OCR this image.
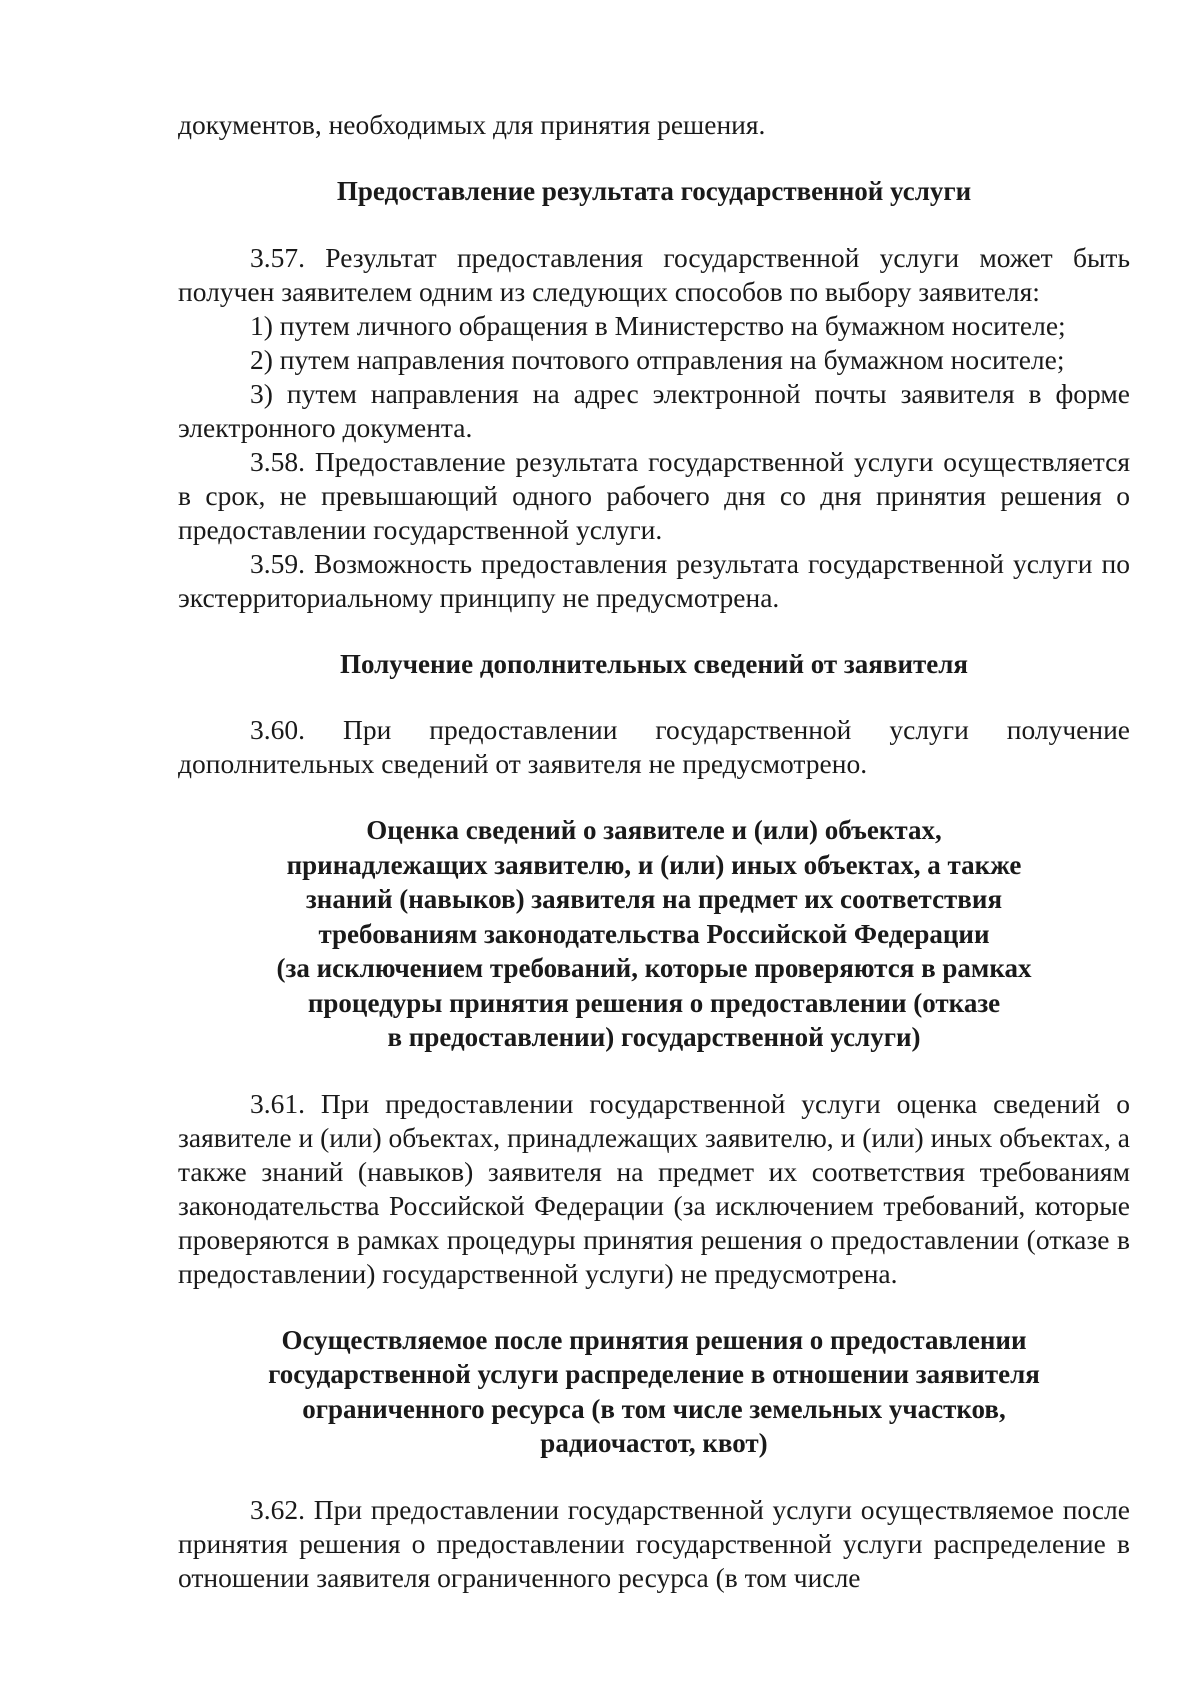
документов, необходимых для принятия решения.

Предоставление результата государственной услуги

3.57. Результат предоставления государственной услуги может быть получен заявителем одним из следующих способов по выбору заявителя:

1) путем личного обращения в Министерство на бумажном носителе;

2) путем направления почтового отправления на бумажном носителе;

3) путем направления на адрес электронной почты заявителя в форме электронного документа.

3.58. Предоставление результата государственной услуги осуществляется в срок, не превышающий одного рабочего дня со дня принятия решения о предоставлении государственной услуги.

3.59. Возможность предоставления результата государственной услуги по экстерриториальному принципу не предусмотрена.

Получение дополнительных сведений от заявителя

3.60. При предоставлении государственной услуги получение дополнительных сведений от заявителя не предусмотрено.

Оценка сведений о заявителе и (или) объектах,
принадлежащих заявителю, и (или) иных объектах, а также
знаний (навыков) заявителя на предмет их соответствия
требованиям законодательства Российской Федерации
(за исключением требований, которые проверяются в рамках
процедуры принятия решения о предоставлении (отказе
в предоставлении) государственной услуги)

3.61. При предоставлении государственной услуги оценка сведений о заявителе и (или) объектах, принадлежащих заявителю, и (или) иных объектах, а также знаний (навыков) заявителя на предмет их соответствия требованиям законодательства Российской Федерации (за исключением требований, которые проверяются в рамках процедуры принятия решения о предоставлении (отказе в предоставлении) государственной услуги) не предусмотрена.

Осуществляемое после принятия решения о предоставлении
государственной услуги распределение в отношении заявителя
ограниченного ресурса (в том числе земельных участков,
радиочастот, квот)

3.62. При предоставлении государственной услуги осуществляемое после принятия решения о предоставлении государственной услуги распределение в отношении заявителя ограниченного ресурса (в том числе
